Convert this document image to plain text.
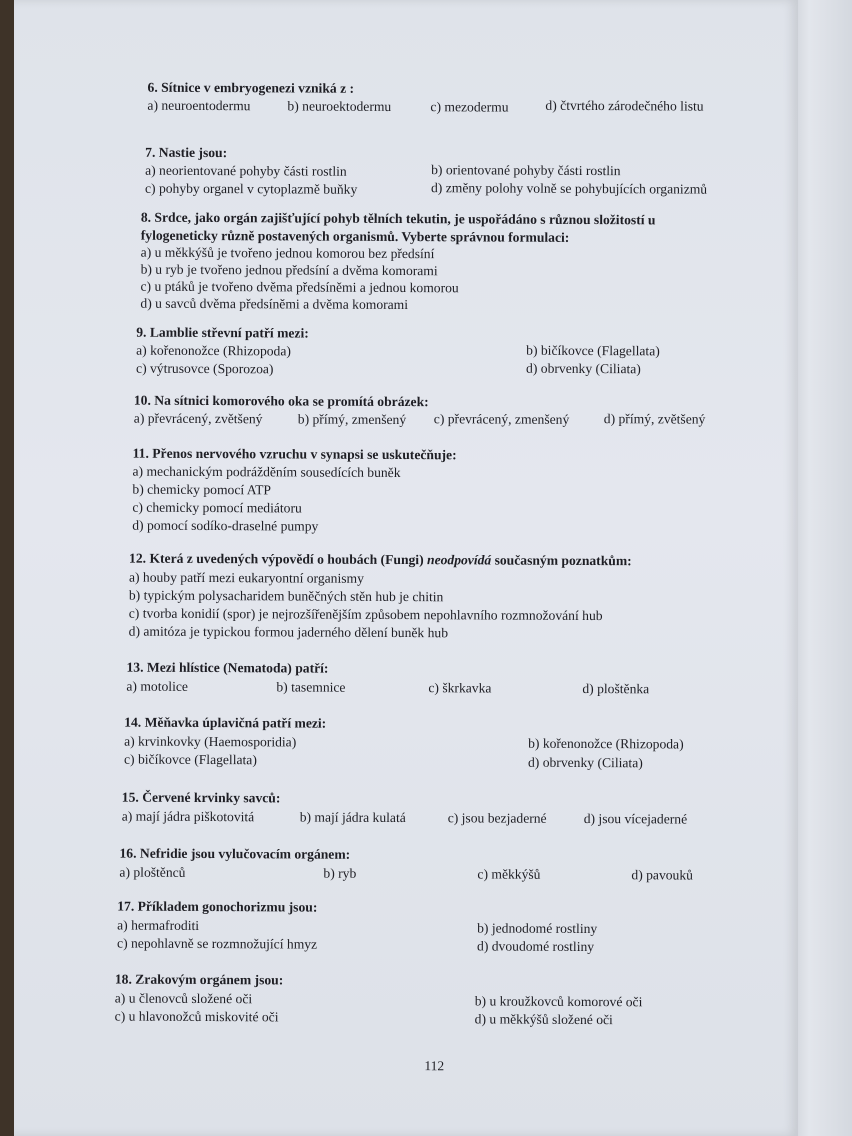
6. Sítnice v embryogenezi vzniká z :
a) neuroentodermu	b) neuroektodermu	c) mezodermu	d) čtvrtého zárodečného listu
7. Nastie jsou:
a) neorientované pohyby části rostlin	b) orientované pohyby části rostlin
c) pohyby organel v cytoplazmě buňky	d) změny polohy volně se pohybujících organizmů
8. Srdce, jako orgán zajišťující pohyb tělních tekutin, je uspořádáno s různou složitostí u
fylogeneticky různě postavených organismů. Vyberte správnou formulaci:
a) u měkkýšů je tvořeno jednou komorou bez předsíní
b) u ryb je tvořeno jednou předsíní a dvěma komorami
c) u ptáků je tvořeno dvěma předsíněmi a jednou komorou
d) u savců dvěma předsíněmi a dvěma komorami
9. Lamblie střevní patří mezi:
a) kořenonožce (Rhizopoda)	b) bičíkovce (Flagellata)
c) výtrusovce (Sporozoa)	d) obrvenky (Ciliata)
10. Na sítnici komorového oka se promítá obrázek:
a) převrácený, zvětšený	b) přímý, zmenšený c) převrácený, zmenšený	d) přímý, zvětšený
11. Přenos nervového vzruchu v synapsi se uskutečňuje:
a) mechanickým podrážděním sousedících buněk
b) chemicky pomocí ATP
c) chemicky pomocí mediátoru
d) pomocí sodíko-draselné pumpy
12. Která z uvedených výpovědí o houbách (Fungi) neodpovídá současným poznatkům:
a) houby patří mezi eukaryontní organismy
b) typickým polysacharidem buněčných stěn hub je chitin
c) tvorba konidií (spor) je nejrozšířenějším způsobem nepohlavního rozmnožování hub
d) amitóza je typickou formou jaderného dělení buněk hub
13. Mezi hlístice (Nematoda) patří:
a) motolice	b) tasemnice	c) škrkavka	d) ploštěnka
14. Měňavka úplavičná patří mezi:
a) krvinkovky (Haemosporidia)	b) kořenonožce (Rhizopoda)
c) bičíkovce (Flagellata)	d) obrvenky (Ciliata)
15. Červené krvinky savců:
a) mají jádra piškotovitá	b) mají jádra kulatá	c) jsou bezjaderné	d) jsou vícejaderné
16. Nefridie jsou vylučovacím orgánem:
a) ploštěnců	b) ryb	c) měkkýšů	d) pavouků
17. Příkladem gonochorizmu jsou:
a) hermafroditi	b) jednodomé rostliny
c) nepohlavně se rozmnožující hmyz	d) dvoudomé rostliny
18. Zrakovým orgánem jsou:
a) u členovců složené oči	b) u kroužkovců komorové oči
c) u hlavonožců miskovité oči	d) u měkkýšů složené oči
112
